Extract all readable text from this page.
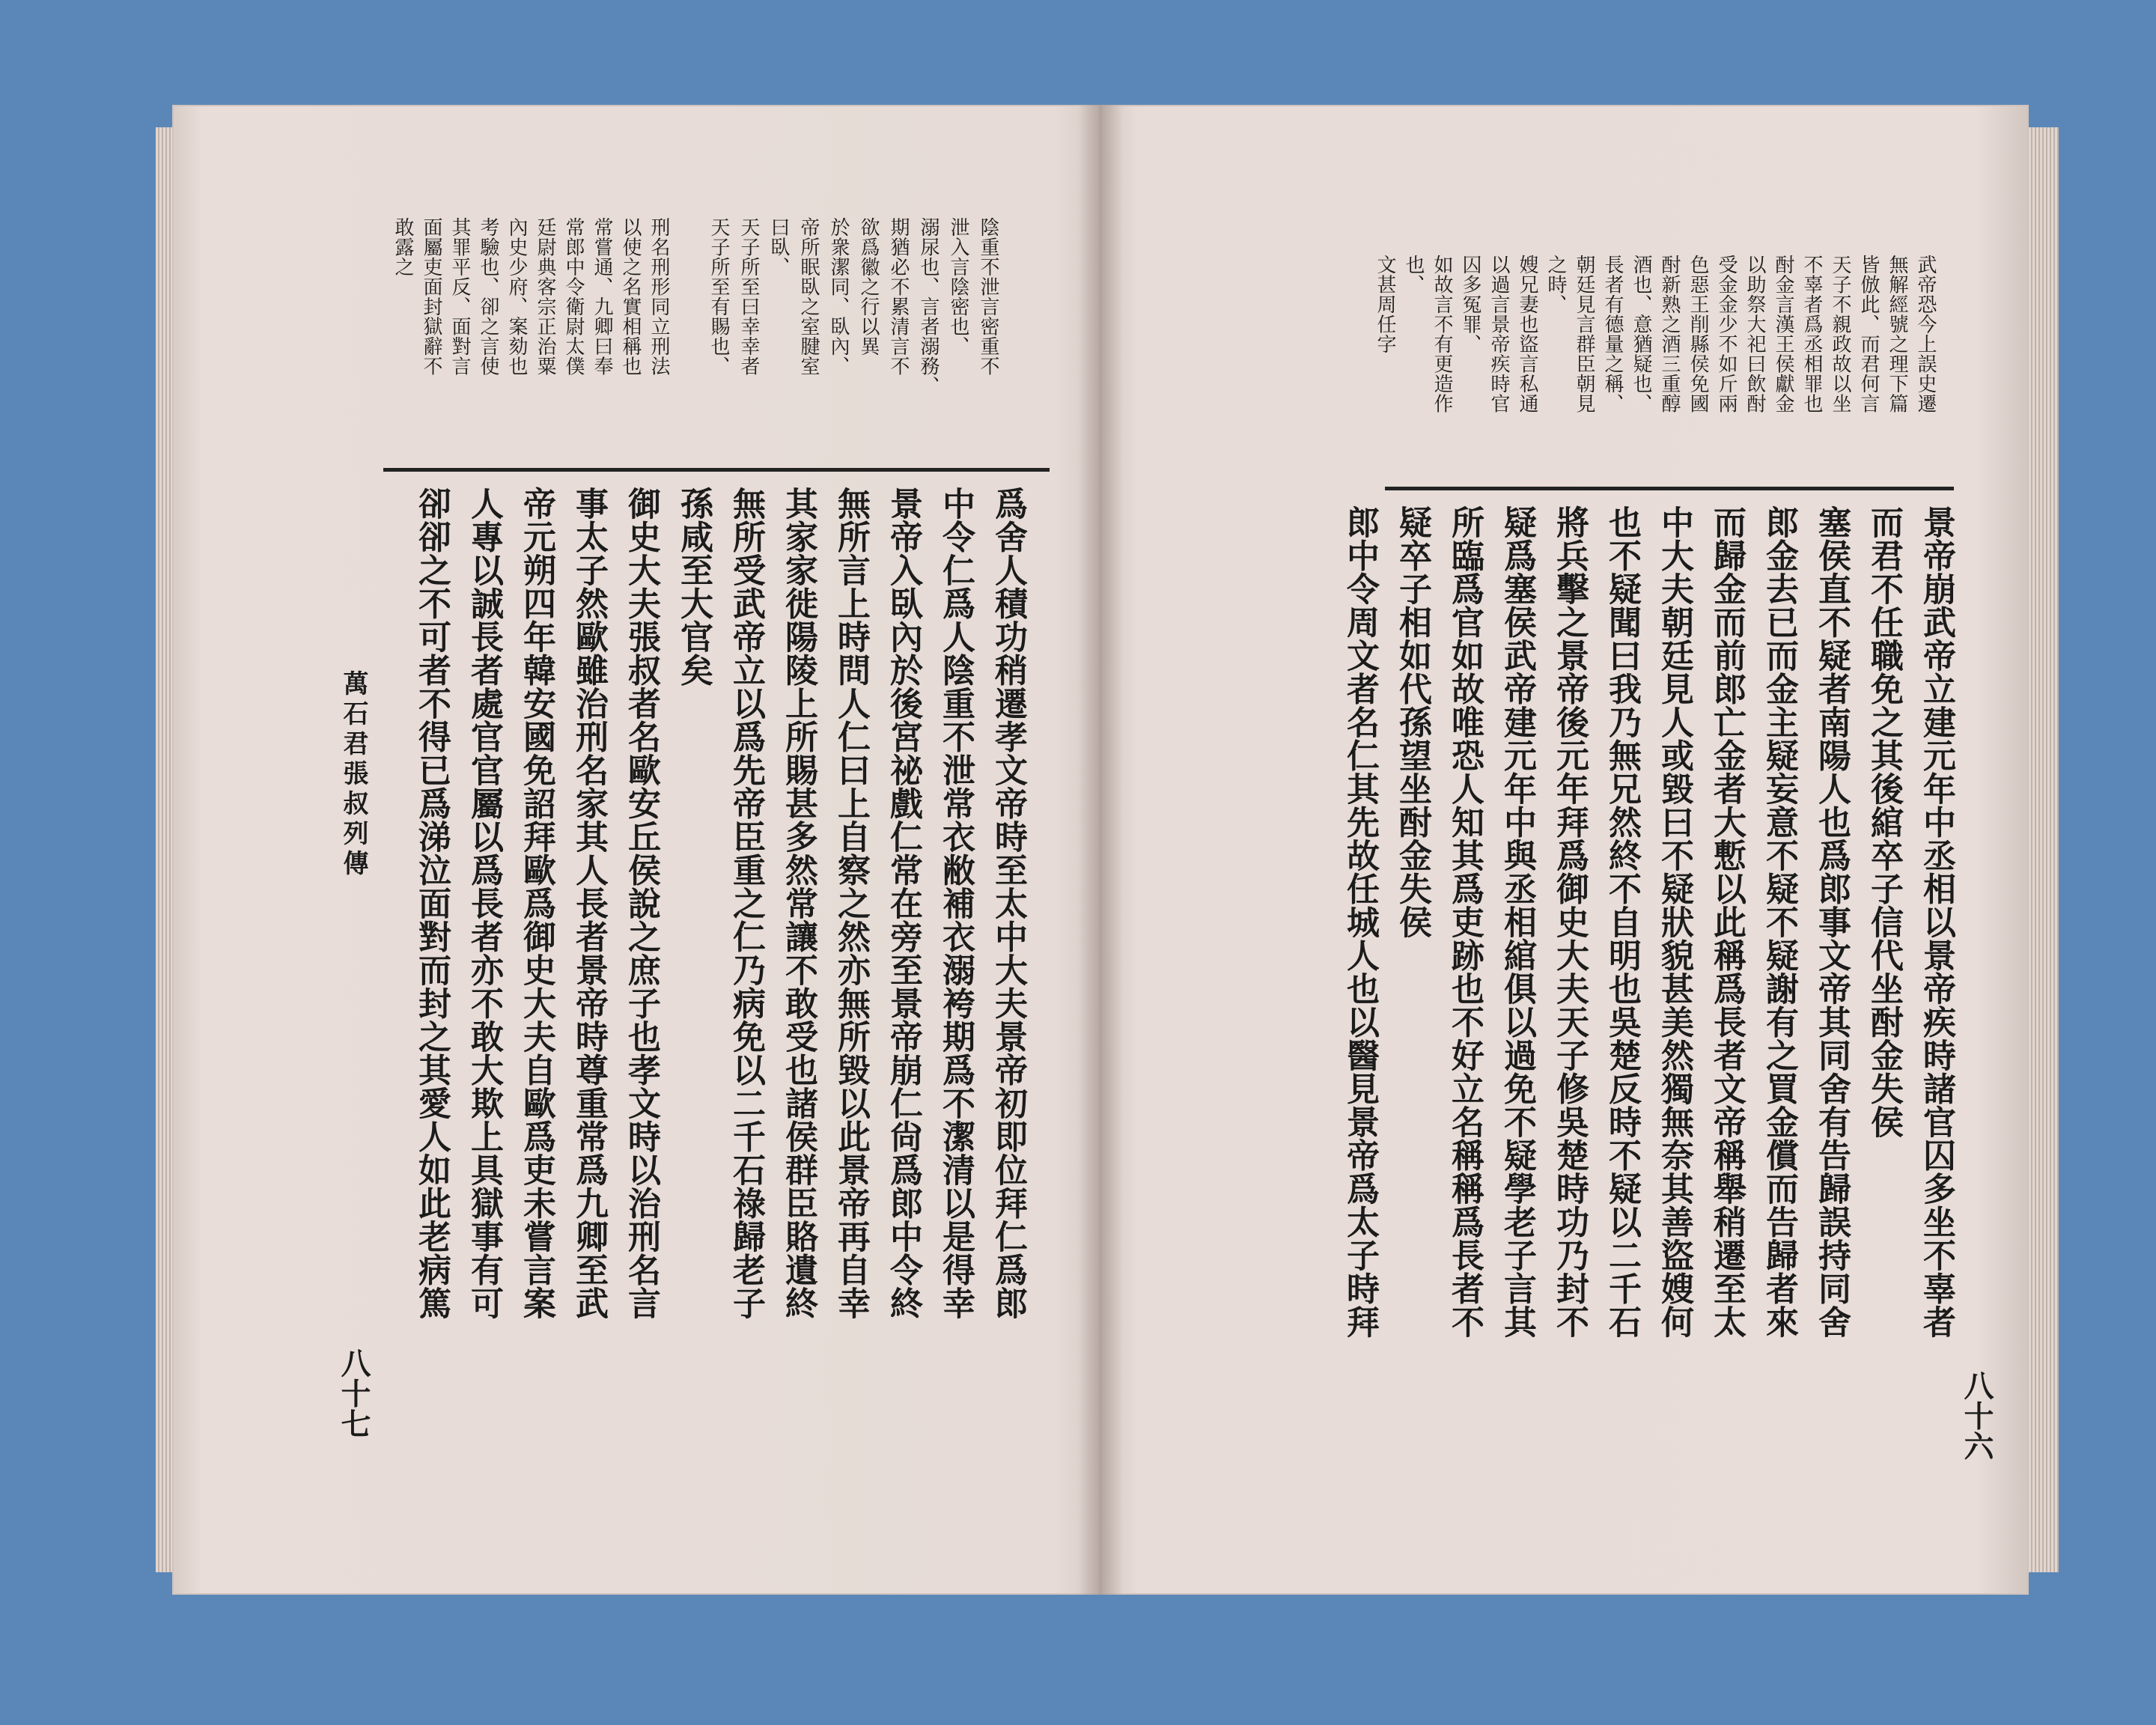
陰重不泄言密重不
泄入言陰密也、
溺尿也、言者溺務、
期猶必不累清言不
欲爲徽之行以異
於衆潔同、臥內、
帝所眠臥之室腱室
曰臥、
天子所至曰幸幸者
天子所至有賜也、
刑名刑形同立刑法
以使之名實相稱也
常嘗通、九卿曰奉
常郎中令衛尉太僕
廷尉典客宗正治粟
內史少府、案劾也
考驗也、卻之言使
其罪平反、面對言
面屬吏面封獄辭不
敢露之
爲舍人積功稍遷孝文帝時至太中大夫景帝初即位拜仁爲郎
中令仁爲人陰重不泄常衣敝補衣溺袴期爲不潔清以是得幸
景帝入臥內於後宮祕戲仁常在旁至景帝崩仁尙爲郎中令終
無所言上時問人仁曰上自察之然亦無所毀以此景帝再自幸
其家家徙陽陵上所賜甚多然常讓不敢受也諸侯群臣賂遺終
無所受武帝立以爲先帝臣重之仁乃病免以二千石祿歸老子
孫咸至大官矣
御史大夫張叔者名歐安丘侯說之庶子也孝文時以治刑名言
事太子然歐雖治刑名家其人長者景帝時尊重常爲九卿至武
帝元朔四年韓安國免詔拜歐爲御史大夫自歐爲吏未嘗言案
人專以誠長者處官官屬以爲長者亦不敢大欺上具獄事有可
卻卻之不可者不得已爲涕泣面對而封之其愛人如此老病篤
萬石君張叔列傳
八十七
武帝恐今上誤史遷
無解經號之理下篇
皆倣此、而君何言
天子不親政故以坐
不辜者爲丞相罪也
酎金言漢王侯獻金
以助祭大祀曰飲酎
受金金少不如斤兩
色惡王削縣侯免國
酎新熟之酒三重醇
酒也、意猶疑也、
長者有德量之稱、
朝廷見言群臣朝見
之時、
嫂兄妻也盜言私通
以過言景帝疾時官
囚多冤罪、
如故言不有更造作
也、
文甚周任字
景帝崩武帝立建元年中丞相以景帝疾時諸官囚多坐不辜者
而君不任職免之其後綰卒子信代坐酎金失侯
塞侯直不疑者南陽人也爲郎事文帝其同舍有告歸誤持同舍
郎金去已而金主疑妄意不疑不疑謝有之買金償而告歸者來
而歸金而前郎亡金者大慙以此稱爲長者文帝稱舉稍遷至太
中大夫朝廷見人或毀曰不疑狀貌甚美然獨無奈其善盜嫂何
也不疑聞曰我乃無兄然終不自明也吳楚反時不疑以二千石
將兵擊之景帝後元年拜爲御史大夫天子修吳楚時功乃封不
疑爲塞侯武帝建元年中與丞相綰俱以過免不疑學老子言其
所臨爲官如故唯恐人知其爲吏跡也不好立名稱稱爲長者不
疑卒子相如代孫望坐酎金失侯
郎中令周文者名仁其先故任城人也以醫見景帝爲太子時拜
八十六
